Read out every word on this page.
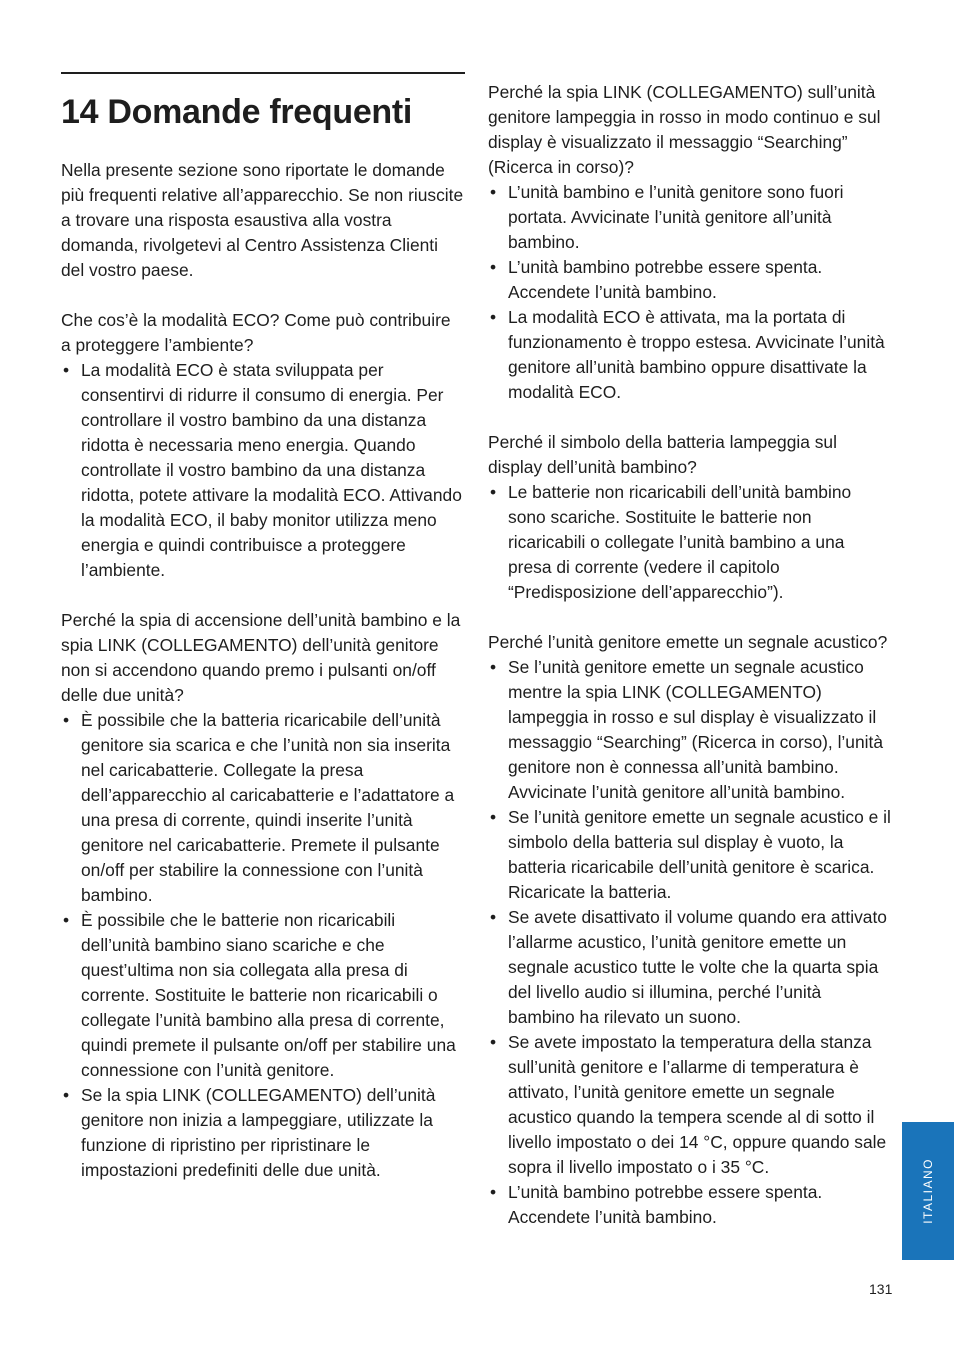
14 Domande frequenti

Nella presente sezione sono riportate le domande più frequenti relative all’apparecchio. Se non riuscite a trovare una risposta esaustiva alla vostra domanda, rivolgetevi al Centro Assistenza Clienti del vostro paese.

Che cos’è la modalità ECO? Come può contribuire a proteggere l’ambiente?

• La modalità ECO è stata sviluppata per consentirvi di ridurre il consumo di energia. Per controllare il vostro bambino da una distanza ridotta è necessaria meno energia. Quando controllate il vostro bambino da una distanza ridotta, potete attivare la modalità ECO. Attivando la modalità ECO, il baby monitor utilizza meno energia e quindi contribuisce a proteggere l’ambiente.

Perché la spia di accensione dell’unità bambino e la spia LINK (COLLEGAMENTO) dell’unità genitore non si accendono quando premo i pulsanti on/off delle due unità?

• È possibile che la batteria ricaricabile dell’unità genitore sia scarica e che l’unità non sia inserita nel caricabatterie. Collegate la presa dell’apparecchio al caricabatterie e l’adattatore a una presa di corrente, quindi inserite l’unità genitore nel caricabatterie. Premete il pulsante on/off per stabilire la connessione con l’unità bambino.
• È possibile che le batterie non ricaricabili dell’unità bambino siano scariche e che quest’ultima non sia collegata alla presa di corrente. Sostituite le batterie non ricaricabili o collegate l’unità bambino alla presa di corrente, quindi premete il pulsante on/off per stabilire una connessione con l’unità genitore.
• Se la spia LINK (COLLEGAMENTO) dell’unità genitore non inizia a lampeggiare, utilizzate la funzione di ripristino per ripristinare le impostazioni predefiniti delle due unità.

Perché la spia LINK (COLLEGAMENTO) sull’unità genitore lampeggia in rosso in modo continuo e sul display è visualizzato il messaggio “Searching” (Ricerca in corso)?

• L’unità bambino e l’unità genitore sono fuori portata. Avvicinate l’unità genitore all’unità bambino.
• L’unità bambino potrebbe essere spenta. Accendete l’unità bambino.
• La modalità ECO è attivata, ma la portata di funzionamento è troppo estesa. Avvicinate l’unità genitore all’unità bambino oppure disattivate la modalità ECO.

Perché il simbolo della batteria lampeggia sul display dell’unità bambino?

• Le batterie non ricaricabili dell’unità bambino sono scariche. Sostituite le batterie non ricaricabili o collegate l’unità bambino a una presa di corrente (vedere il capitolo “Predisposizione dell’apparecchio”).

Perché l’unità genitore emette un segnale acustico?

• Se l’unità genitore emette un segnale acustico mentre la spia LINK (COLLEGAMENTO) lampeggia in rosso e sul display è visualizzato il messaggio “Searching” (Ricerca in corso), l’unità genitore non è connessa all’unità bambino. Avvicinate l’unità genitore all’unità bambino.
• Se l’unità genitore emette un segnale acustico e il simbolo della batteria sul display è vuoto, la batteria ricaricabile dell’unità genitore è scarica. Ricaricate la batteria.
• Se avete disattivato il volume quando era attivato l’allarme acustico, l’unità genitore emette un segnale acustico tutte le volte che la quarta spia del livello audio si illumina, perché l’unità bambino ha rilevato un suono.
• Se avete impostato la temperatura della stanza sull’unità genitore e l’allarme di temperatura è attivato, l’unità genitore emette un segnale acustico quando la tempera scende al di sotto il livello impostato o dei 14 °C, oppure quando sale sopra il livello impostato o i 35 °C.
• L’unità bambino potrebbe essere spenta. Accendete l’unità bambino.	ITALIANO
131
